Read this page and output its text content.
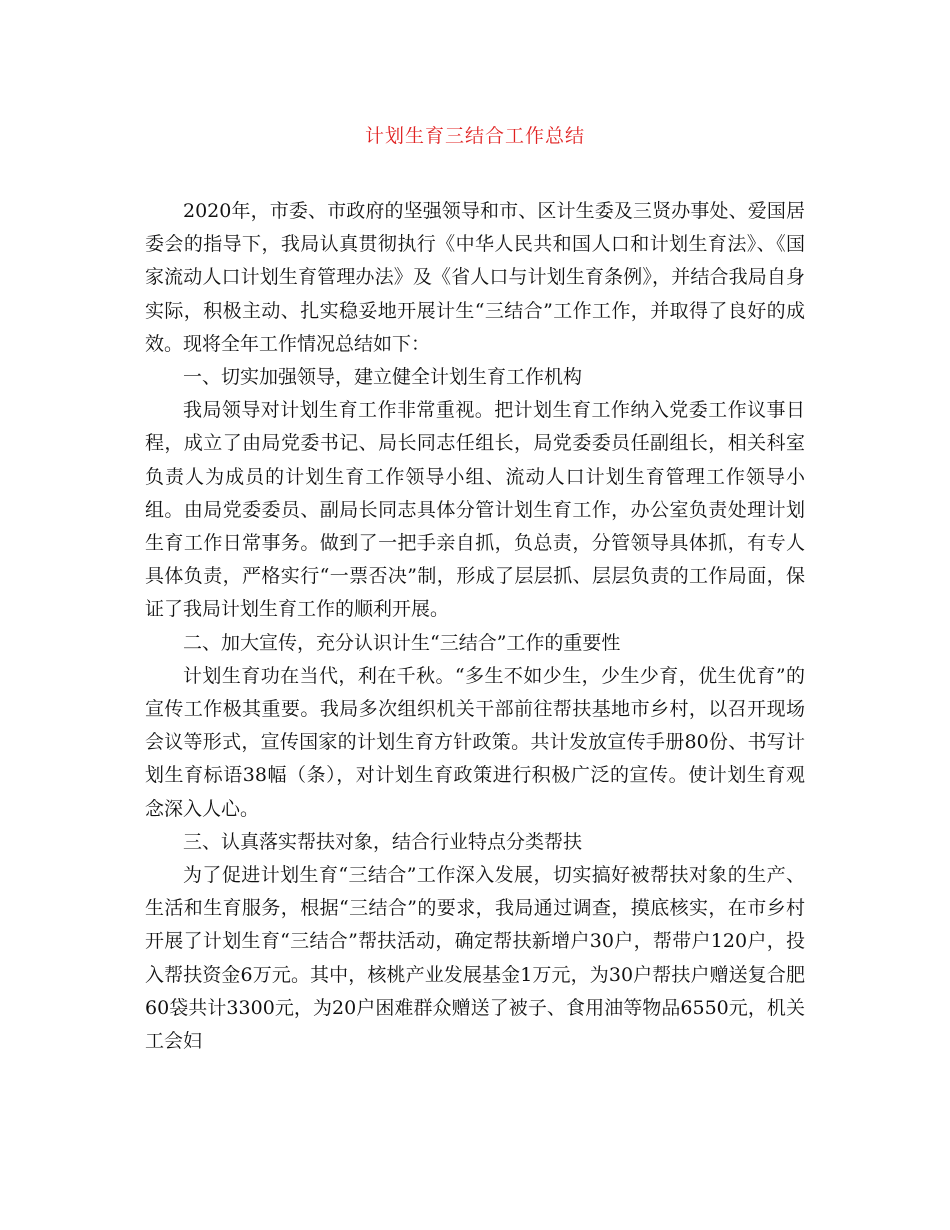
计划生育三结合工作总结

2020年，市委、市政府的坚强领导和市、区计生委及三贤办事处、爱国居委会的指导下，我局认真贯彻执行《中华人民共和国人口和计划生育法》、《国家流动人口计划生育管理办法》及《省人口与计划生育条例》，并结合我局自身实际，积极主动、扎实稳妥地开展计生“三结合”工作工作，并取得了良好的成效。现将全年工作情况总结如下：

一、切实加强领导，建立健全计划生育工作机构

我局领导对计划生育工作非常重视。把计划生育工作纳入党委工作议事日程，成立了由局党委书记、局长同志任组长，局党委委员任副组长，相关科室负责人为成员的计划生育工作领导小组、流动人口计划生育管理工作领导小组。由局党委委员、副局长同志具体分管计划生育工作，办公室负责处理计划生育工作日常事务。做到了一把手亲自抓，负总责，分管领导具体抓，有专人具体负责，严格实行“一票否决”制，形成了层层抓、层层负责的工作局面，保证了我局计划生育工作的顺利开展。

二、加大宣传，充分认识计生“三结合”工作的重要性

计划生育功在当代，利在千秋。“多生不如少生，少生少育，优生优育”的宣传工作极其重要。我局多次组织机关干部前往帮扶基地市乡村，以召开现场会议等形式，宣传国家的计划生育方针政策。共计发放宣传手册80份、书写计划生育标语38幅（条），对计划生育政策进行积极广泛的宣传。使计划生育观念深入人心。

三、认真落实帮扶对象，结合行业特点分类帮扶

为了促进计划生育“三结合”工作深入发展，切实搞好被帮扶对象的生产、生活和生育服务，根据“三结合”的要求，我局通过调查，摸底核实，在市乡村开展了计划生育“三结合”帮扶活动，确定帮扶新增户30户，帮带户120户，投入帮扶资金6万元。其中，核桃产业发展基金1万元，为30户帮扶户赠送复合肥60袋共计3300元，为20户困难群众赠送了被子、食用油等物品6550元，机关工会妇
